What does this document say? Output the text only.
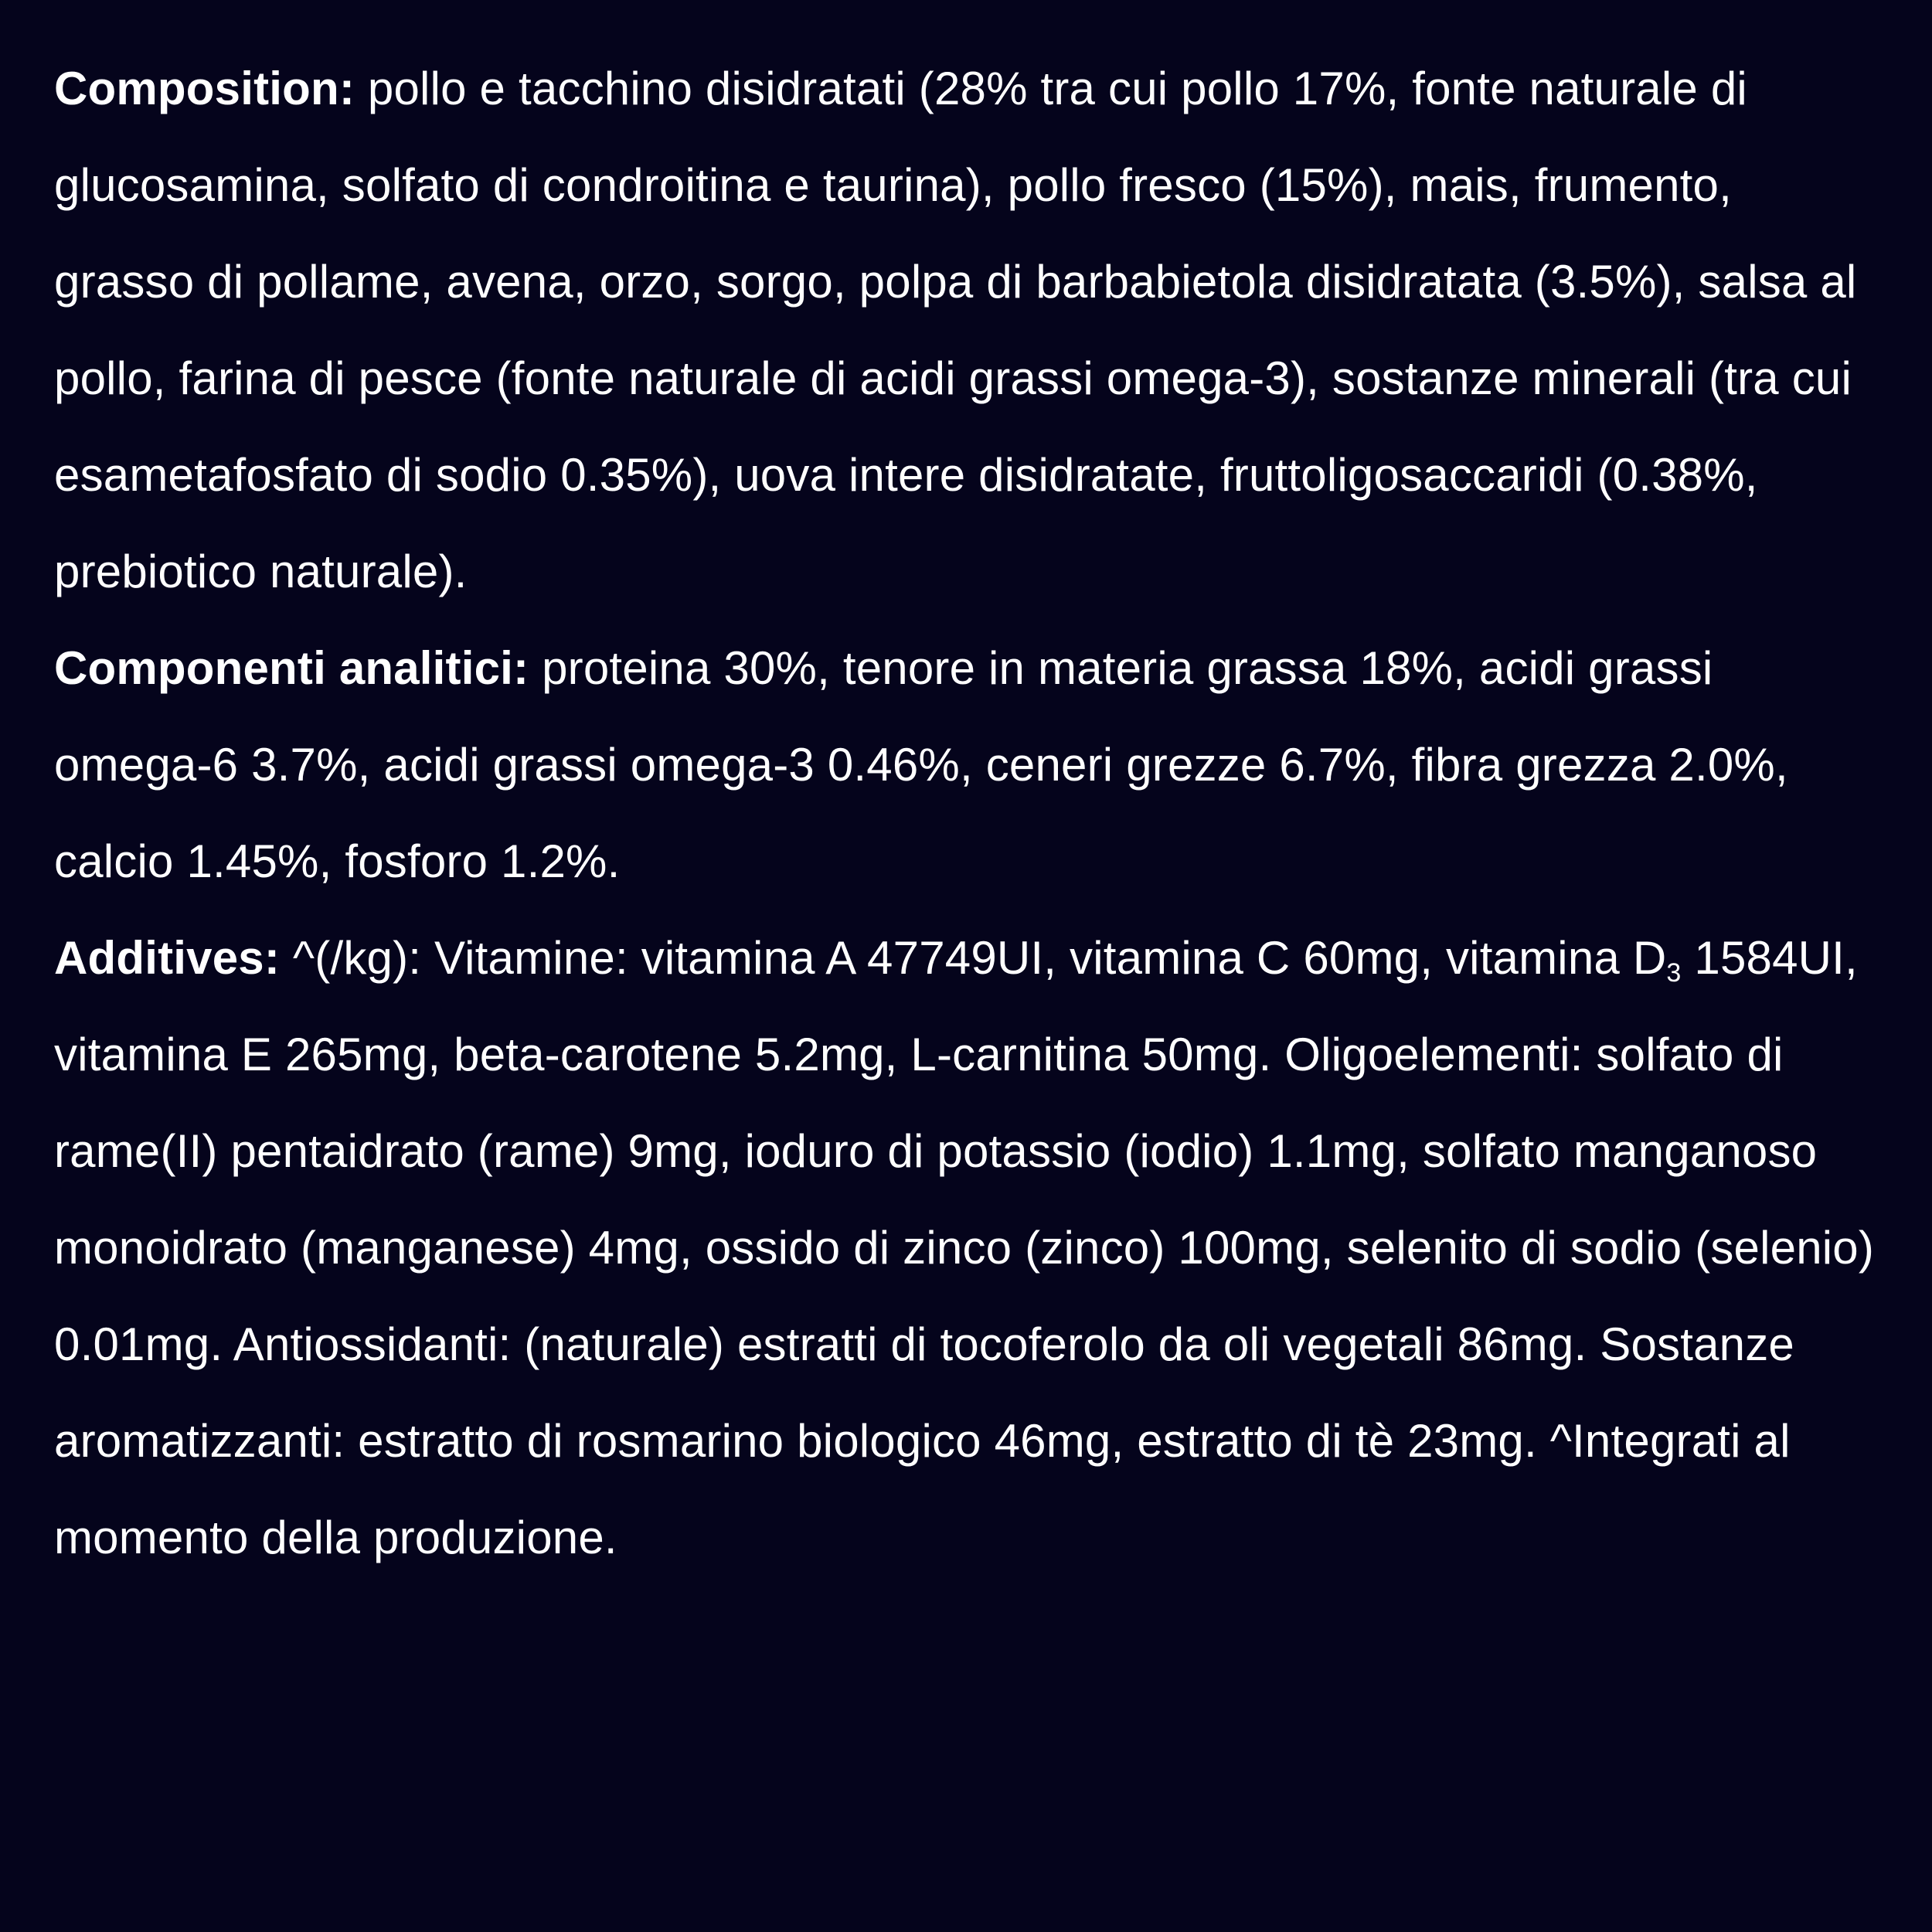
Composition: pollo e tacchino disidratati (28% tra cui pollo 17%, fonte naturale di glucosamina, solfato di condroitina e taurina), pollo fresco (15%), mais, frumento, grasso di pollame, avena, orzo, sorgo, polpa di barbabietola disidratata (3.5%), salsa al pollo, farina di pesce (fonte naturale di acidi grassi omega-3), sostanze minerali (tra cui esametafosfato di sodio 0.35%), uova intere disidratate, fruttoligosaccaridi (0.38%, prebiotico naturale).

Componenti analitici: proteina 30%, tenore in materia grassa 18%, acidi grassi omega-6 3.7%, acidi grassi omega-3 0.46%, ceneri grezze 6.7%, fibra grezza 2.0%, calcio 1.45%, fosforo 1.2%.

Additives: ^(/kg): Vitamine: vitamina A 47749UI, vitamina C 60mg, vitamina $D_3$ 1584UI, vitamina E 265mg, beta-carotene 5.2mg, L-carnitina 50mg. Oligoelementi: solfato di rame(II) pentaidrato (rame) 9mg, ioduro di potassio (iodio) 1.1mg, solfato manganoso monoidrato (manganese) 4mg, ossido di zinco (zinco) 100mg, selenito di sodio (selenio) 0.01mg. Antiossidanti: (naturale) estratti di tocoferolo da oli vegetali 86mg. Sostanze aromatizzanti: estratto di rosmarino biologico 46mg, estratto di tè 23mg. ^Integrati al momento della produzione.
